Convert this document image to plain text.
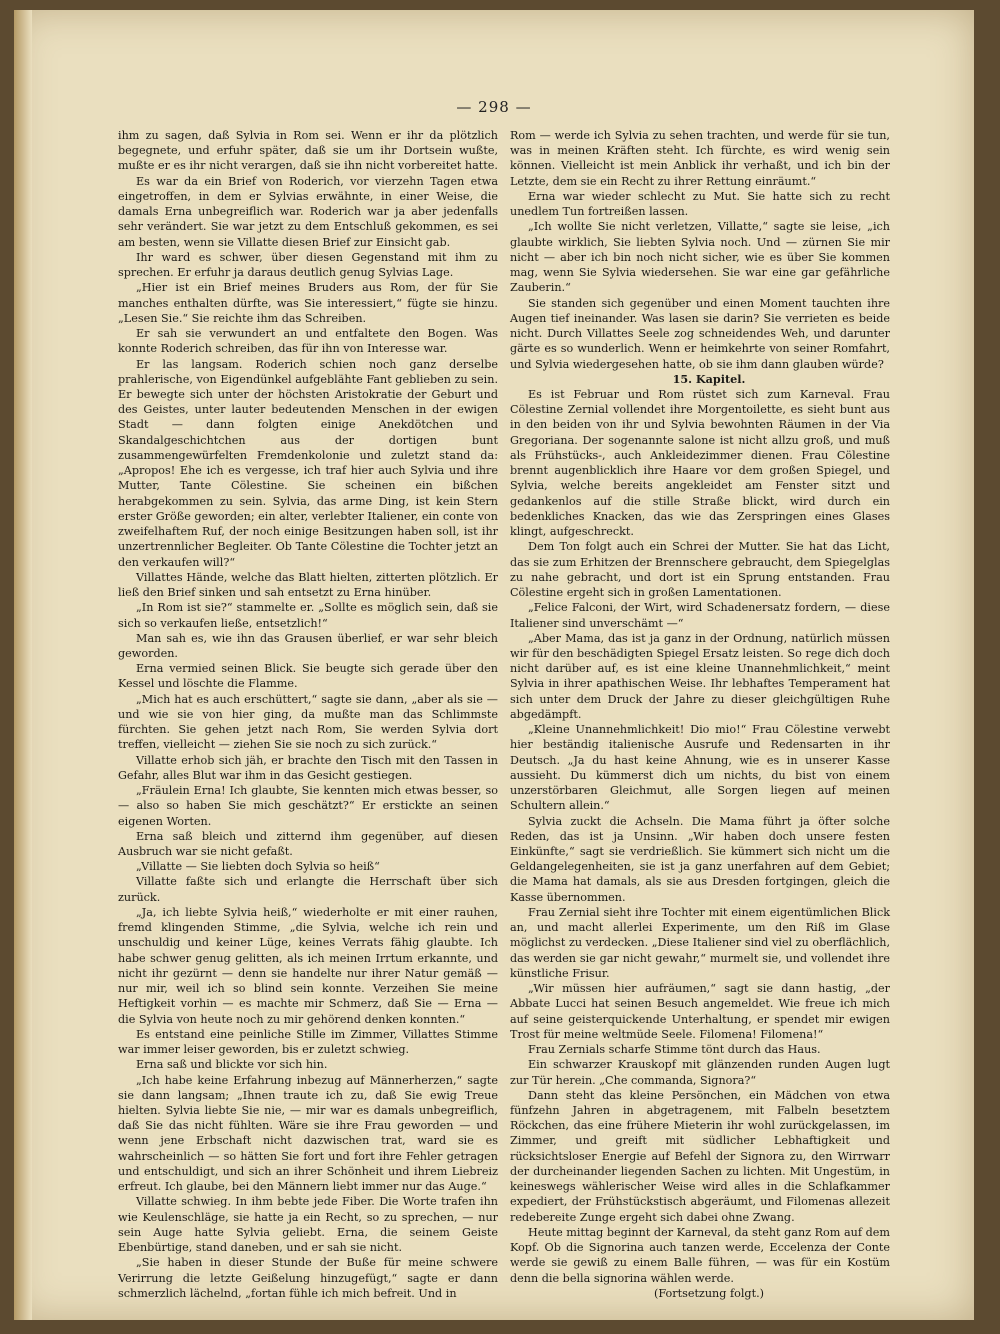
— 298 —

ihm zu sagen, daß Sylvia in Rom sei. Wenn er ihr da plötzlich begegnete, und erfuhr später, daß sie um ihr Dortsein wußte, mußte er es ihr nicht verargen, daß sie ihn nicht vorbereitet hatte.

Es war da ein Brief von Roderich, vor vierzehn Tagen etwa eingetroffen, in dem er Sylvias erwähnte, in einer Weise, die damals Erna unbegreiflich war. Roderich war ja aber jedenfalls sehr verändert. Sie war jetzt zu dem Entschluß gekommen, es sei am besten, wenn sie Villatte diesen Brief zur Einsicht gab.

Ihr ward es schwer, über diesen Gegenstand mit ihm zu sprechen. Er erfuhr ja daraus deutlich genug Sylvias Lage.

„Hier ist ein Brief meines Bruders aus Rom, der für Sie manches enthalten dürfte, was Sie interessiert,“ fügte sie hinzu. „Lesen Sie.“ Sie reichte ihm das Schreiben.

Er sah sie verwundert an und entfaltete den Bogen. Was konnte Roderich schreiben, das für ihn von Interesse war.

Er las langsam. Roderich schien noch ganz derselbe prahlerische, von Eigendünkel aufgeblähte Fant geblieben zu sein. Er bewegte sich unter der höchsten Aristokratie der Geburt und des Geistes, unter lauter bedeutenden Menschen in der ewigen Stadt — dann folgten einige Anekdötchen und Skandalgeschichtchen aus der dortigen bunt zusammengewürfelten Fremdenkolonie und zuletzt stand da: „Apropos! Ehe ich es vergesse, ich traf hier auch Sylvia und ihre Mutter, Tante Cölestine. Sie scheinen ein bißchen herabgekommen zu sein. Sylvia, das arme Ding, ist kein Stern erster Größe geworden; ein alter, verlebter Italiener, ein conte von zweifelhaftem Ruf, der noch einige Besitzungen haben soll, ist ihr unzertrennlicher Begleiter. Ob Tante Cölestine die Tochter jetzt an den verkaufen will?“

Villattes Hände, welche das Blatt hielten, zitterten plötzlich. Er ließ den Brief sinken und sah entsetzt zu Erna hinüber.

„In Rom ist sie?“ stammelte er. „Sollte es möglich sein, daß sie sich so verkaufen ließe, entsetzlich!“

Man sah es, wie ihn das Grausen überlief, er war sehr bleich geworden.

Erna vermied seinen Blick. Sie beugte sich gerade über den Kessel und löschte die Flamme.

„Mich hat es auch erschüttert,“ sagte sie dann, „aber als sie — und wie sie von hier ging, da mußte man das Schlimmste fürchten. Sie gehen jetzt nach Rom, Sie werden Sylvia dort treffen, vielleicht — ziehen Sie sie noch zu sich zurück.“

Villatte erhob sich jäh, er brachte den Tisch mit den Tassen in Gefahr, alles Blut war ihm in das Gesicht gestiegen.

„Fräulein Erna! Ich glaubte, Sie kennten mich etwas besser, so — also so haben Sie mich geschätzt?“ Er erstickte an seinen eigenen Worten.

Erna saß bleich und zitternd ihm gegenüber, auf diesen Ausbruch war sie nicht gefaßt.

„Villatte — Sie liebten doch Sylvia so heiß“

Villatte faßte sich und erlangte die Herrschaft über sich zurück.

„Ja, ich liebte Sylvia heiß,“ wiederholte er mit einer rauhen, fremd klingenden Stimme, „die Sylvia, welche ich rein und unschuldig und keiner Lüge, keines Verrats fähig glaubte. Ich habe schwer genug gelitten, als ich meinen Irrtum erkannte, und nicht ihr gezürnt — denn sie handelte nur ihrer Natur gemäß — nur mir, weil ich so blind sein konnte. Verzeihen Sie meine Heftigkeit vorhin — es machte mir Schmerz, daß Sie — Erna — die Sylvia von heute noch zu mir gehörend denken konnten.“

Es entstand eine peinliche Stille im Zimmer, Villattes Stimme war immer leiser geworden, bis er zuletzt schwieg.

Erna saß und blickte vor sich hin.

„Ich habe keine Erfahrung inbezug auf Männerherzen,“ sagte sie dann langsam; „Ihnen traute ich zu, daß Sie ewig Treue hielten. Sylvia liebte Sie nie, — mir war es damals unbegreiflich, daß Sie das nicht fühlten. Wäre sie ihre Frau geworden — und wenn jene Erbschaft nicht dazwischen trat, ward sie es wahrscheinlich — so hätten Sie fort und fort ihre Fehler getragen und entschuldigt, und sich an ihrer Schönheit und ihrem Liebreiz erfreut. Ich glaube, bei den Männern liebt immer nur das Auge.“

Villatte schwieg. In ihm bebte jede Fiber. Die Worte trafen ihn wie Keulenschläge, sie hatte ja ein Recht, so zu sprechen, — nur sein Auge hatte Sylvia geliebt. Erna, die seinem Geiste Ebenbürtige, stand daneben, und er sah sie nicht.

„Sie haben in dieser Stunde der Buße für meine schwere Verirrung die letzte Geißelung hinzugefügt,“ sagte er dann schmerzlich lächelnd, „fortan fühle ich mich befreit. Und in

Rom — werde ich Sylvia zu sehen trachten, und werde für sie tun, was in meinen Kräften steht. Ich fürchte, es wird wenig sein können. Vielleicht ist mein Anblick ihr verhaßt, und ich bin der Letzte, dem sie ein Recht zu ihrer Rettung einräumt.“

Erna war wieder schlecht zu Mut. Sie hatte sich zu recht unedlem Tun fortreißen lassen.

„Ich wollte Sie nicht verletzen, Villatte,“ sagte sie leise, „ich glaubte wirklich, Sie liebten Sylvia noch. Und — zürnen Sie mir nicht — aber ich bin noch nicht sicher, wie es über Sie kommen mag, wenn Sie Sylvia wiedersehen. Sie war eine gar gefährliche Zauberin.“

Sie standen sich gegenüber und einen Moment tauchten ihre Augen tief ineinander. Was lasen sie darin? Sie verrieten es beide nicht. Durch Villattes Seele zog schneidendes Weh, und darunter gärte es so wunderlich. Wenn er heimkehrte von seiner Romfahrt, und Sylvia wiedergesehen hatte, ob sie ihm dann glauben würde?

15. Kapitel.

Es ist Februar und Rom rüstet sich zum Karneval. Frau Cölestine Zernial vollendet ihre Morgentoilette, es sieht bunt aus in den beiden von ihr und Sylvia bewohnten Räumen in der Via Gregoriana. Der sogenannte salone ist nicht allzu groß, und muß als Frühstücks-, auch Ankleidezimmer dienen. Frau Cölestine brennt augenblicklich ihre Haare vor dem großen Spiegel, und Sylvia, welche bereits angekleidet am Fenster sitzt und gedankenlos auf die stille Straße blickt, wird durch ein bedenkliches Knacken, das wie das Zerspringen eines Glases klingt, aufgeschreckt.

Dem Ton folgt auch ein Schrei der Mutter. Sie hat das Licht, das sie zum Erhitzen der Brennschere gebraucht, dem Spiegelglas zu nahe gebracht, und dort ist ein Sprung entstanden. Frau Cölestine ergeht sich in großen Lamentationen.

„Felice Falconi, der Wirt, wird Schadenersatz fordern, — diese Italiener sind unverschämt —“

„Aber Mama, das ist ja ganz in der Ordnung, natürlich müssen wir für den beschädigten Spiegel Ersatz leisten. So rege dich doch nicht darüber auf, es ist eine kleine Unannehmlichkeit,“ meint Sylvia in ihrer apathischen Weise. Ihr lebhaftes Temperament hat sich unter dem Druck der Jahre zu dieser gleichgültigen Ruhe abgedämpft.

„Kleine Unannehmlichkeit! Dio mio!“ Frau Cölestine verwebt hier beständig italienische Ausrufe und Redensarten in ihr Deutsch. „Ja du hast keine Ahnung, wie es in unserer Kasse aussieht. Du kümmerst dich um nichts, du bist von einem unzerstörbaren Gleichmut, alle Sorgen liegen auf meinen Schultern allein.“

Sylvia zuckt die Achseln. Die Mama führt ja öfter solche Reden, das ist ja Unsinn. „Wir haben doch unsere festen Einkünfte,“ sagt sie verdrießlich. Sie kümmert sich nicht um die Geldangelegenheiten, sie ist ja ganz unerfahren auf dem Gebiet; die Mama hat damals, als sie aus Dresden fortgingen, gleich die Kasse übernommen.

Frau Zernial sieht ihre Tochter mit einem eigentümlichen Blick an, und macht allerlei Experimente, um den Riß im Glase möglichst zu verdecken. „Diese Italiener sind viel zu oberflächlich, das werden sie gar nicht gewahr,“ murmelt sie, und vollendet ihre künstliche Frisur.

„Wir müssen hier aufräumen,“ sagt sie dann hastig, „der Abbate Lucci hat seinen Besuch angemeldet. Wie freue ich mich auf seine geisterquickende Unterhaltung, er spendet mir ewigen Trost für meine weltmüde Seele. Filomena! Filomena!“

Frau Zernials scharfe Stimme tönt durch das Haus.

Ein schwarzer Krauskopf mit glänzenden runden Augen lugt zur Tür herein. „Che commanda, Signora?“

Dann steht das kleine Persönchen, ein Mädchen von etwa fünfzehn Jahren in abgetragenem, mit Falbeln besetztem Röckchen, das eine frühere Mieterin ihr wohl zurückgelassen, im Zimmer, und greift mit südlicher Lebhaftigkeit und rücksichtsloser Energie auf Befehl der Signora zu, den Wirrwarr der durcheinander liegenden Sachen zu lichten. Mit Ungestüm, in keineswegs wählerischer Weise wird alles in die Schlafkammer expediert, der Frühstückstisch abgeräumt, und Filomenas allezeit redebereite Zunge ergeht sich dabei ohne Zwang.

Heute mittag beginnt der Karneval, da steht ganz Rom auf dem Kopf. Ob die Signorina auch tanzen werde, Eccelenza der Conte werde sie gewiß zu einem Balle führen, — was für ein Kostüm denn die bella signorina wählen werde.

(Fortsetzung folgt.)
